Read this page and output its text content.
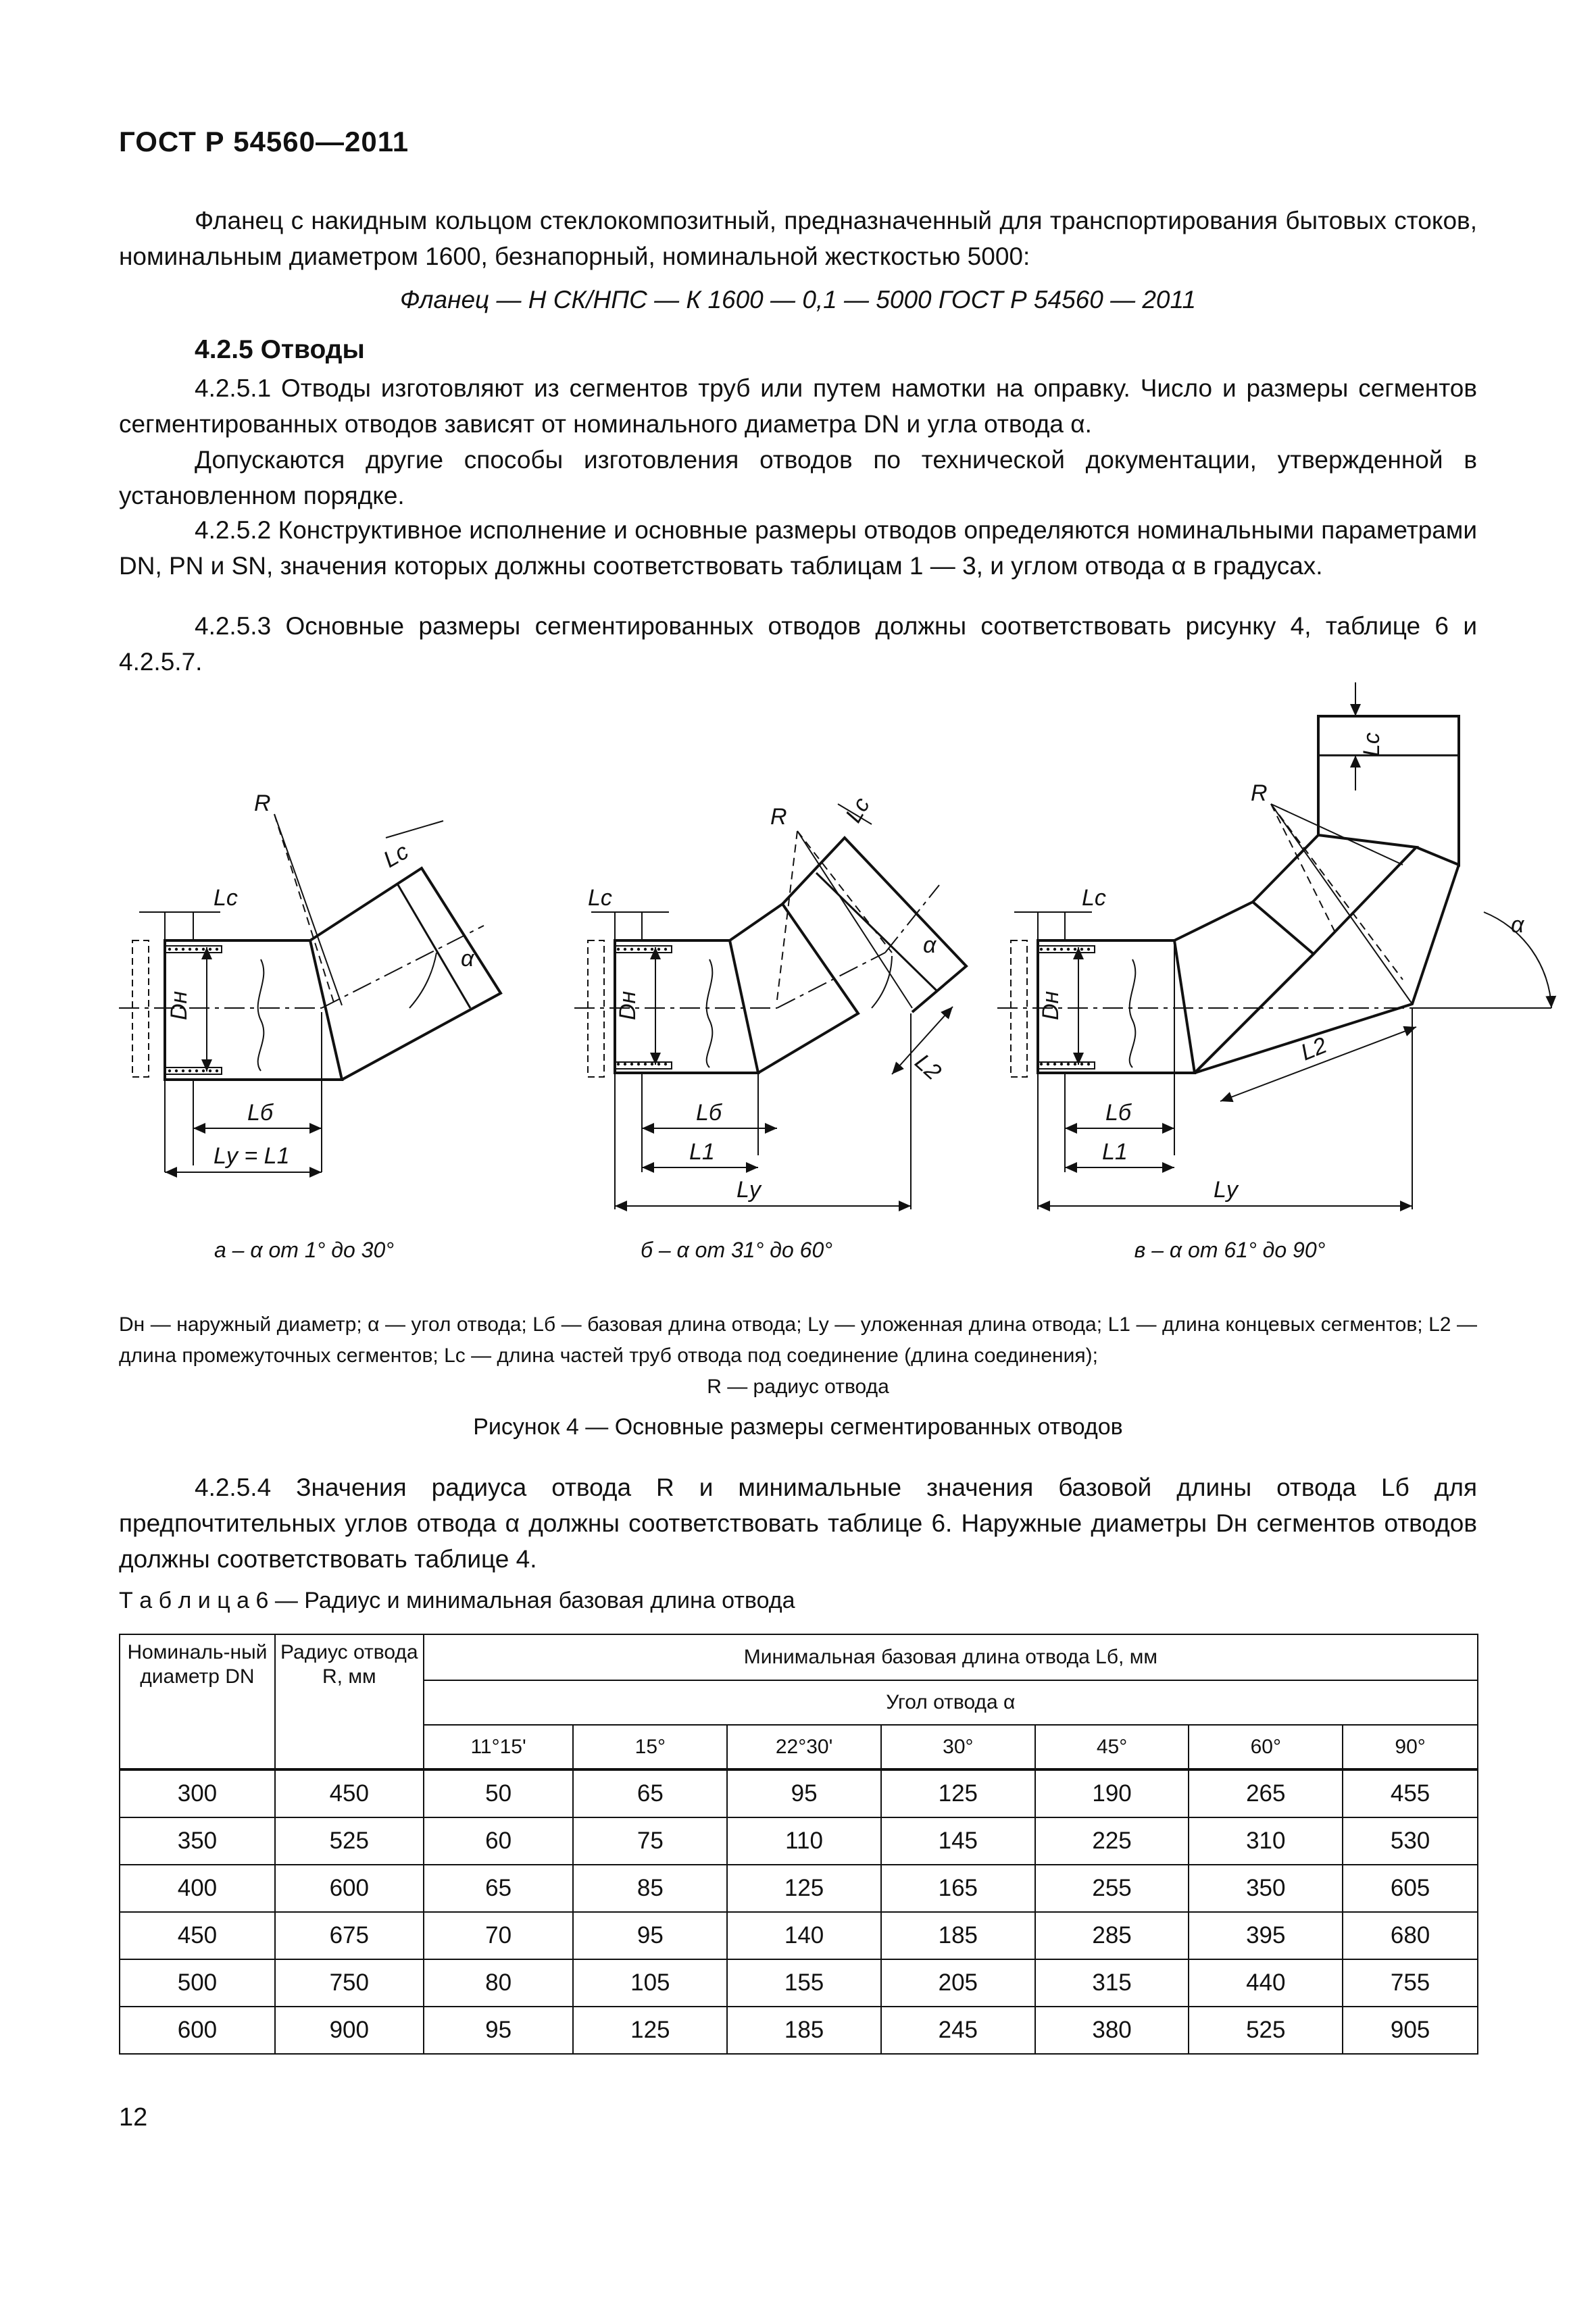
ГОСТ Р 54560—2011
Фланец с накидным кольцом стеклокомпозитный, предназначенный для транспортирования бытовых стоков, номинальным диаметром 1600, безнапорный, номинальной жесткостью 5000:
Фланец — Н СК/НПС — К 1600 — 0,1 — 5000 ГОСТ Р 54560 — 2011
4.2.5 Отводы
4.2.5.1 Отводы изготовляют из сегментов труб или путем намотки на оправку. Число и размеры сегментов сегментированных отводов зависят от номинального диаметра DN и угла отвода α.
Допускаются другие способы изготовления отводов по технической документации, утвержденной в установленном порядке.
4.2.5.2 Конструктивное исполнение и основные размеры отводов определяются номинальными параметрами DN, PN и SN, значения которых должны соответствовать таблицам 1 — 3, и углом отвода α в градусах.
4.2.5.3 Основные размеры сегментированных отводов должны соответствовать рисунку 4, таблице 6 и 4.2.5.7.
R
Lc
Lc
α
Dн
Lб
Lу = L1
R
Lc
Lc
α
Dн
L2
Lб
L1
Lу
R
Lc
Lc
α
Dн
L2
Lб
L1
Lу
а – α от 1° до 30°	б – α от 31° до 60°	в – α от 61° до 90°
Dн — наружный диаметр; α — угол отвода; Lб — базовая длина отвода; Lу — уложенная длина отвода; L1 — длина концевых сегментов; L2 — длина промежуточных сегментов; Lс — длина частей труб отвода под соединение (длина соединения);
R — радиус отвода
Рисунок 4 — Основные размеры сегментированных отводов
4.2.5.4 Значения радиуса отвода R и минимальные значения базовой длины отвода Lб для предпочтительных углов отвода α должны соответствовать таблице 6. Наружные диаметры Dн сегментов отводов должны соответствовать таблице 4.
Т а б л и ц а 6 — Радиус и минимальная базовая длина отвода
Номиналь-ный диаметр DN	Радиус отвода R, мм	Минимальная базовая длина отвода Lб, мм						
		Угол отвода α						
		11°15'	15°	22°30'	30°	45°	60°	90°
300	450	50	65	95	125	190	265	455
350	525	60	75	110	145	225	310	530
400	600	65	85	125	165	255	350	605
450	675	70	95	140	185	285	395	680
500	750	80	105	155	205	315	440	755
600	900	95	125	185	245	380	525	905
12
